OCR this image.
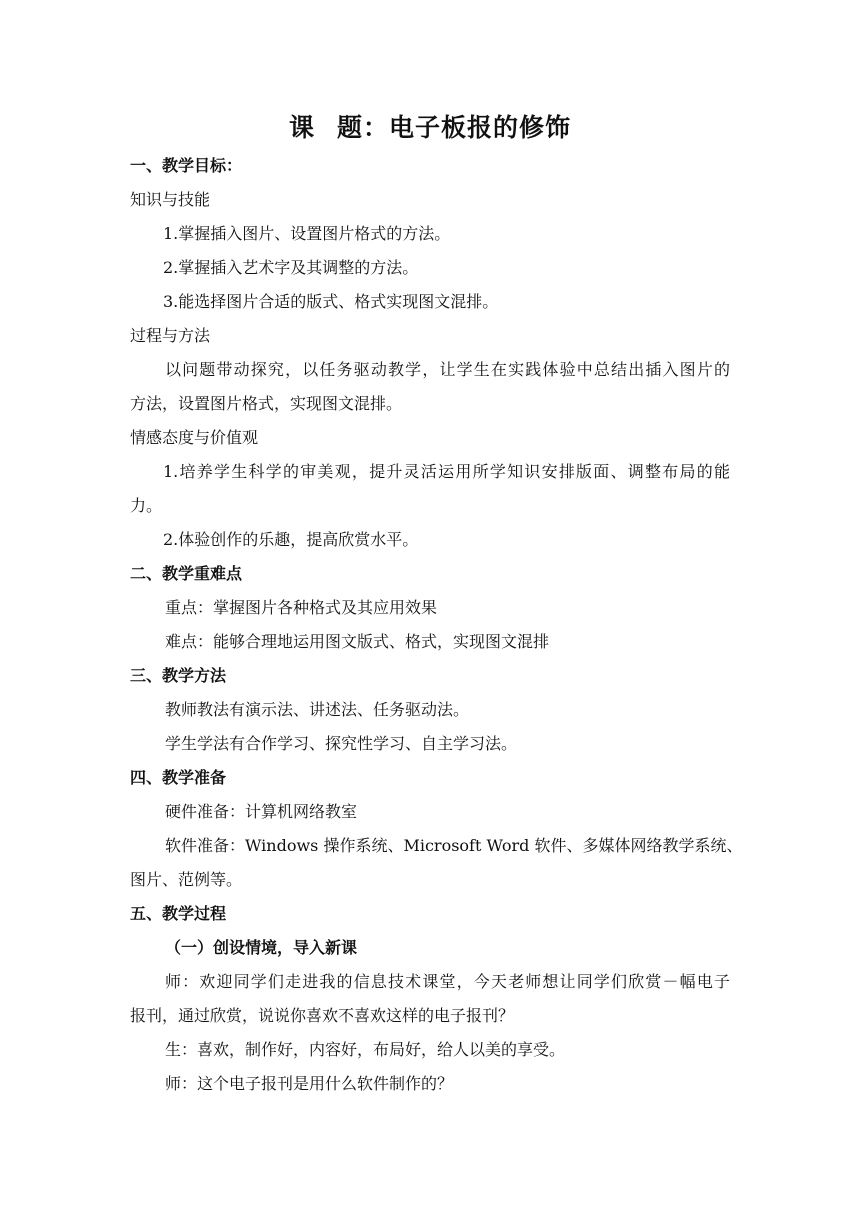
课 题：电子板报的修饰
一、教学目标：
知识与技能
1.掌握插入图片、设置图片格式的方法。
2.掌握插入艺术字及其调整的方法。
3.能选择图片合适的版式、格式实现图文混排。
过程与方法
以问题带动探究，以任务驱动教学，让学生在实践体验中总结出插入图片的
方法，设置图片格式，实现图文混排。
情感态度与价值观
1.培养学生科学的审美观，提升灵活运用所学知识安排版面、调整布局的能
力。
2.体验创作的乐趣，提高欣赏水平。
二、教学重难点
重点：掌握图片各种格式及其应用效果
难点：能够合理地运用图文版式、格式，实现图文混排
三、教学方法
教师教法有演示法、讲述法、任务驱动法。
学生学法有合作学习、探究性学习、自主学习法。
四、教学准备
硬件准备：计算机网络教室
软件准备：Windows 操作系统、Microsoft Word 软件、多媒体网络教学系统、
图片、范例等。
五、教学过程
（一）创设情境，导入新课
师：欢迎同学们走进我的信息技术课堂，今天老师想让同学们欣赏－幅电子
报刊，通过欣赏，说说你喜欢不喜欢这样的电子报刊？
生：喜欢，制作好，内容好，布局好，给人以美的享受。
师：这个电子报刊是用什么软件制作的？
